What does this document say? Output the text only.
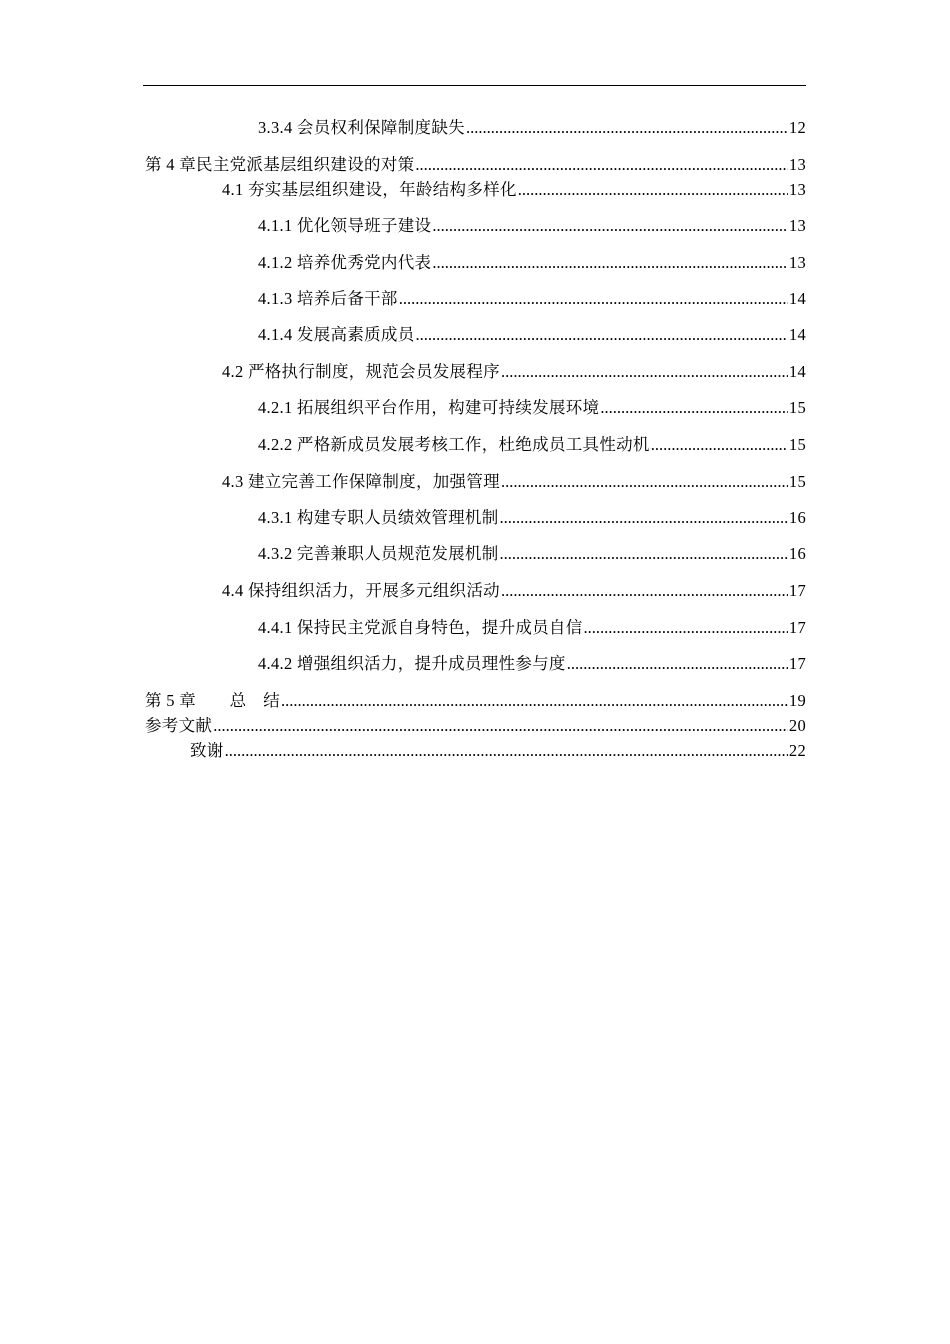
3.3.4 会员权利保障制度缺失 .....	12
第 4 章民主党派基层组织建设的对策 .....	13
4.1 夯实基层组织建设，年龄结构多样化 .....	13
4.1.1 优化领导班子建设 .....	13
4.1.2 培养优秀党内代表 .....	13
4.1.3 培养后备干部 .....	14
4.1.4 发展高素质成员 .....	14
4.2 严格执行制度，规范会员发展程序 .....	14
4.2.1 拓展组织平台作用，构建可持续发展环境 .....	15
4.2.2 严格新成员发展考核工作，杜绝成员工具性动机 .....	15
4.3 建立完善工作保障制度，加强管理 .....	15
4.3.1 构建专职人员绩效管理机制 .....	16
4.3.2 完善兼职人员规范发展机制 .....	16
4.4 保持组织活力，开展多元组织活动 .....	17
4.4.1 保持民主党派自身特色，提升成员自信 .....	17
4.4.2 增强组织活力，提升成员理性参与度 .....	17
第 5 章　　总　结 .....	19
参考文献 .....	20
致谢 .....	22
